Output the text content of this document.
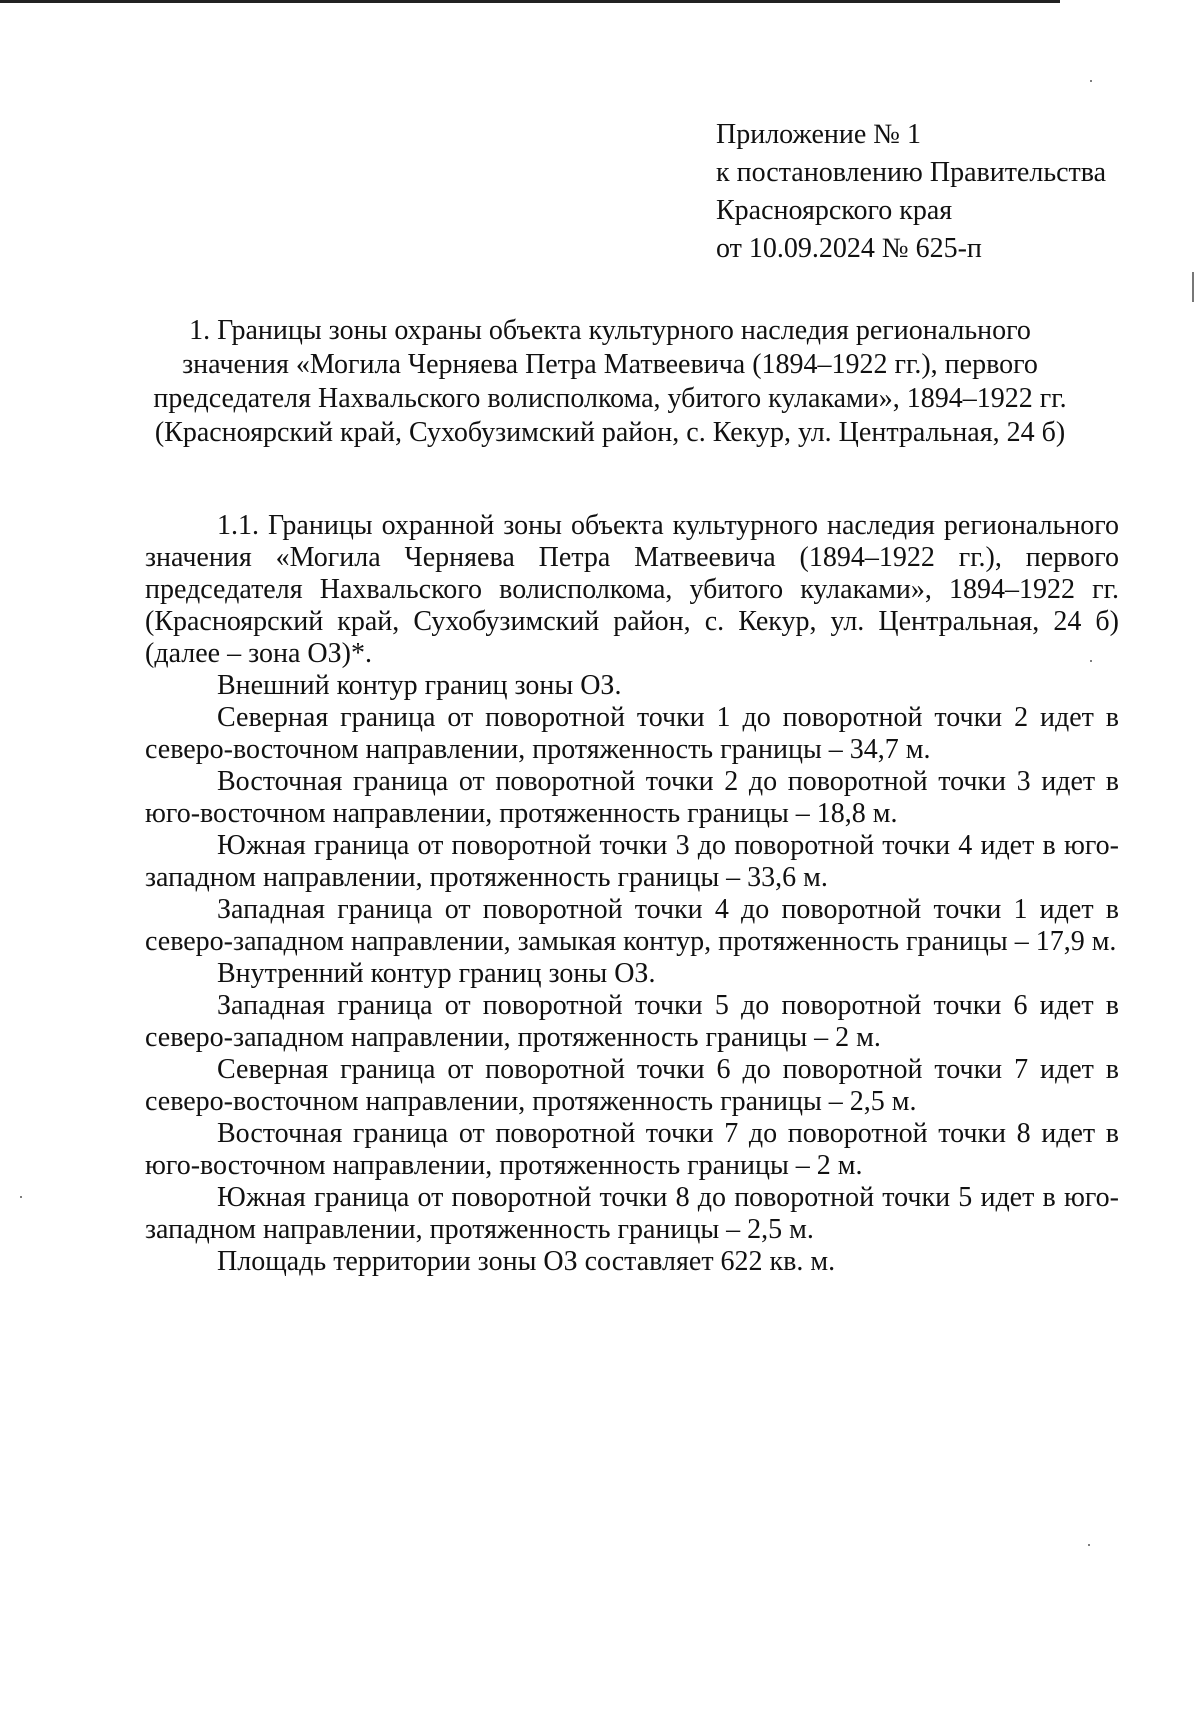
Приложение № 1
к постановлению Правительства
Красноярского края
от 10.09.2024 № 625-п
1. Границы зоны охраны объекта культурного наследия регионального
значения «Могила Черняева Петра Матвеевича (1894–1922 гг.), первого
председателя Нахвальского волисполкома, убитого кулаками», 1894–1922 гг.
(Красноярский край, Сухобузимский район, с. Кекур, ул. Центральная, 24 б)

1.1. Границы охранной зоны объекта культурного наследия регионального значения «Могила Черняева Петра Матвеевича (1894–1922 гг.), первого председателя Нахвальского волисполкома, убитого кулаками», 1894–1922 гг. (Красноярский край, Сухобузимский район, с. Кекур, ул. Центральная, 24 б) (далее – зона ОЗ)*.

Внешний контур границ зоны ОЗ.

Северная граница от поворотной точки 1 до поворотной точки 2 идет в северо-восточном направлении, протяженность границы – 34,7 м.

Восточная граница от поворотной точки 2 до поворотной точки 3 идет в юго-восточном направлении, протяженность границы – 18,8 м.

Южная граница от поворотной точки 3 до поворотной точки 4 идет в юго-западном направлении, протяженность границы – 33,6 м.

Западная граница от поворотной точки 4 до поворотной точки 1 идет в северо-западном направлении, замыкая контур, протяженность границы – 17,9 м.

Внутренний контур границ зоны ОЗ.

Западная граница от поворотной точки 5 до поворотной точки 6 идет в северо-западном направлении, протяженность границы – 2 м.

Северная граница от поворотной точки 6 до поворотной точки 7 идет в северо-восточном направлении, протяженность границы – 2,5 м.

Восточная граница от поворотной точки 7 до поворотной точки 8 идет в юго-восточном направлении, протяженность границы – 2 м.

Южная граница от поворотной точки 8 до поворотной точки 5 идет в юго-западном направлении, протяженность границы – 2,5 м.

Площадь территории зоны ОЗ составляет 622 кв. м.
